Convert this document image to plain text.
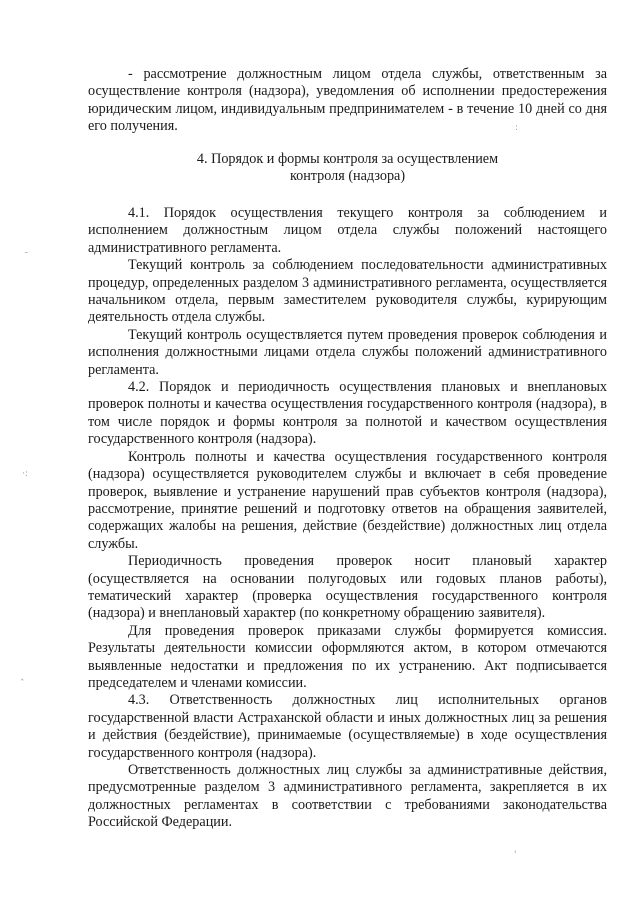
- рассмотрение должностным лицом отдела службы, ответственным за осуществление контроля (надзора), уведомления об исполнении предостережения юридическим лицом, индивидуальным предпринимателем - в течение 10 дней со дня его получения.

4. Порядок и формы контроля за осуществлением
контроля (надзора)

4.1. Порядок осуществления текущего контроля за соблюдением и исполнением должностным лицом отдела службы положений настоящего административного регламента.

Текущий контроль за соблюдением последовательности административных процедур, определенных разделом 3 административного регламента, осуществляется начальником отдела, первым заместителем руководителя службы, курирующим деятельность отдела службы.

Текущий контроль осуществляется путем проведения проверок соблюдения и исполнения должностными лицами отдела службы положений административного регламента.

4.2. Порядок и периодичность осуществления плановых и внеплановых проверок полноты и качества осуществления государственного контроля (надзора), в том числе порядок и формы контроля за полнотой и качеством осуществления государственного контроля (надзора).

Контроль полноты и качества осуществления государственного контроля (надзора) осуществляется руководителем службы и включает в себя проведение проверок, выявление и устранение нарушений прав субъектов контроля (надзора), рассмотрение, принятие решений и подготовку ответов на обращения заявителей, содержащих жалобы на решения, действие (бездействие) должностных лиц отдела службы.

Периодичность проведения проверок носит плановый характер (осуществляется на основании полугодовых или годовых планов работы), тематический характер (проверка осуществления государственного контроля (надзора) и внеплановый характер (по конкретному обращению заявителя).

Для проведения проверок приказами службы формируется комиссия. Результаты деятельности комиссии оформляются актом, в котором отмечаются выявленные недостатки и предложения по их устранению. Акт подписывается председателем и членами комиссии.

4.3. Ответственность должностных лиц исполнительных органов государственной власти Астраханской области и иных должностных лиц за решения и действия (бездействие), принимаемые (осуществляемые) в ходе осуществления государственного контроля (надзора).

Ответственность должностных лиц службы за административные действия, предусмотренные разделом 3 административного регламента, закрепляется в их должностных регламентах в соответствии с требованиями законодательства Российской Федерации.

˜
·:
ˆ
:
'
